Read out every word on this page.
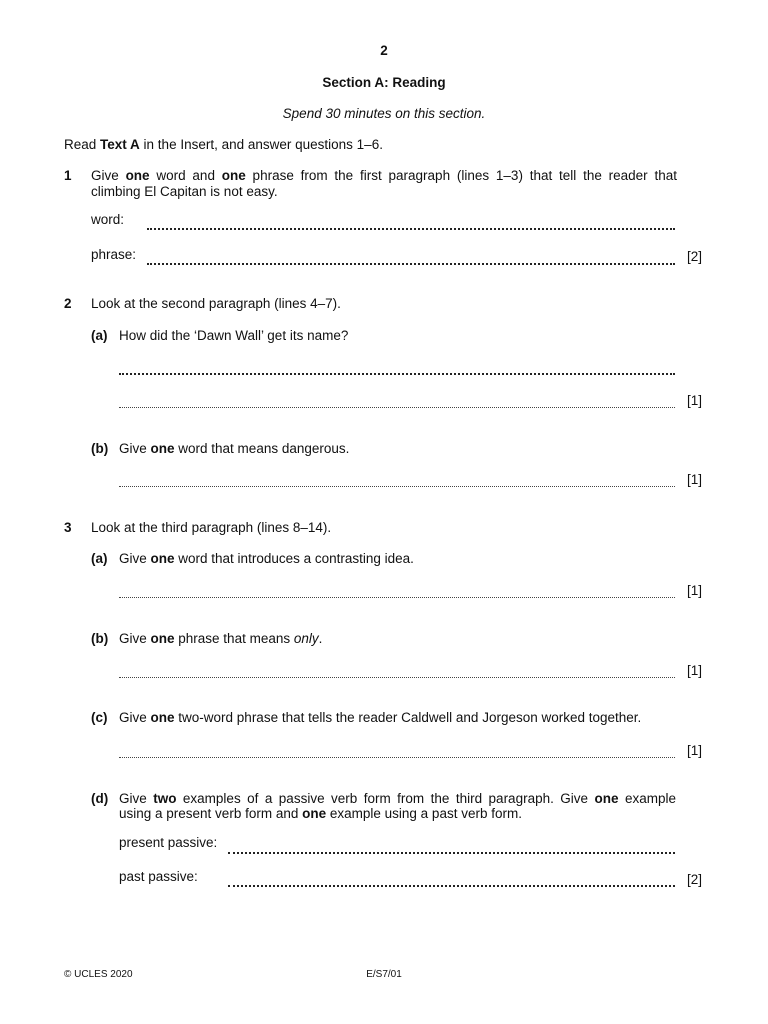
2
Section A: Reading
Spend 30 minutes on this section.
Read Text A in the Insert, and answer questions 1–6.
1 Give one word and one phrase from the first paragraph (lines 1–3) that tell the reader that
climbing El Capitan is not easy.
word:
phrase:	[2]
2 Look at the second paragraph (lines 4–7).
(a) How did the ‘Dawn Wall’ get its name?
[1]
(b) Give one word that means dangerous.
[1]
3 Look at the third paragraph (lines 8–14).
(a) Give one word that introduces a contrasting idea.
[1]
(b) Give one phrase that means only.
[1]
(c) Give one two-word phrase that tells the reader Caldwell and Jorgeson worked together.
[1]
(d) Give two examples of a passive verb form from the third paragraph. Give one example
using a present verb form and one example using a past verb form.
present passive:
past passive:	[2]
© UCLES 2020	E/S7/01
